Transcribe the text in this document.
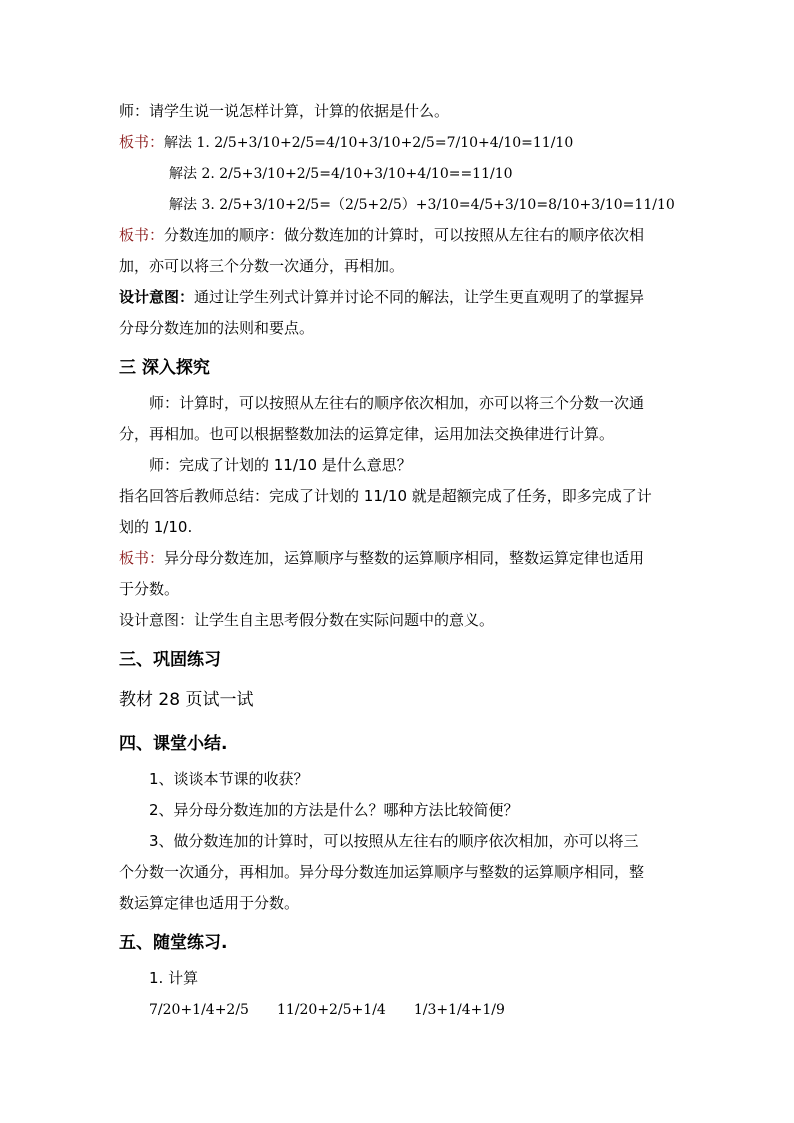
师：请学生说一说怎样计算，计算的依据是什么。
板书：解法 1. 2/5+3/10+2/5=4/10+3/10+2/5=7/10+4/10=11/10
解法 2. 2/5+3/10+2/5=4/10+3/10+4/10==11/10
解法 3. 2/5+3/10+2/5=（2/5+2/5）+3/10=4/5+3/10=8/10+3/10=11/10
板书：分数连加的顺序：做分数连加的计算时，可以按照从左往右的顺序依次相
加，亦可以将三个分数一次通分，再相加。
设计意图：通过让学生列式计算并讨论不同的解法，让学生更直观明了的掌握异
分母分数连加的法则和要点。
三 深入探究
师：计算时，可以按照从左往右的顺序依次相加，亦可以将三个分数一次通
分，再相加。也可以根据整数加法的运算定律，运用加法交换律进行计算。
师：完成了计划的 11/10 是什么意思？
指名回答后教师总结：完成了计划的 11/10 就是超额完成了任务，即多完成了计
划的 1/10.
板书：异分母分数连加，运算顺序与整数的运算顺序相同，整数运算定律也适用
于分数。
设计意图：让学生自主思考假分数在实际问题中的意义。
三、巩固练习
教材 28 页试一试
四、课堂小结.
1、谈谈本节课的收获？
2、异分母分数连加的方法是什么？哪种方法比较简便？
3、做分数连加的计算时，可以按照从左往右的顺序依次相加，亦可以将三
个分数一次通分，再相加。异分母分数连加运算顺序与整数的运算顺序相同，整
数运算定律也适用于分数。
五、随堂练习.
1. 计算
7/20+1/4+2/5 11/20+2/5+1/4 1/3+1/4+1/9
